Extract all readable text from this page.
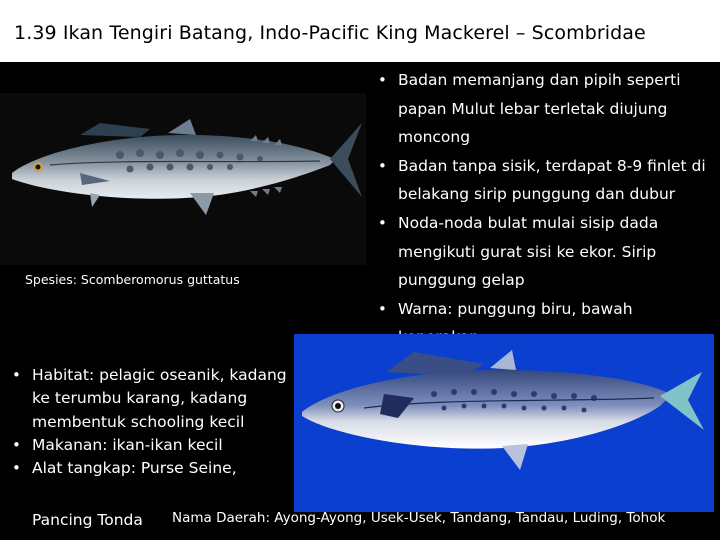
1.39 Ikan Tengiri Batang, Indo-Pacific King Mackerel – Scombridae
Spesies: Scomberomorus guttatus
• Badan memanjang dan pipih seperti papan Mulut lebar terletak diujung moncong
• Badan tanpa sisik, terdapat 8-9 finlet di belakang sirip punggung dan dubur
• Noda-noda bulat mulai sisip dada mengikuti gurat sisi ke ekor. Sirip punggung gelap
• Warna: punggung biru, bawah
• Habitat: pelagic oseanik, kadang ke terumbu karang, kadang membentuk schooling kecil
• Makanan: ikan-ikan kecil
• Alat tangkap: Purse Seine,
Pancing Tonda Nama Daerah: Ayong-Ayong, Usek-Usek, Tandang, Tandau, Luding, Tohok
